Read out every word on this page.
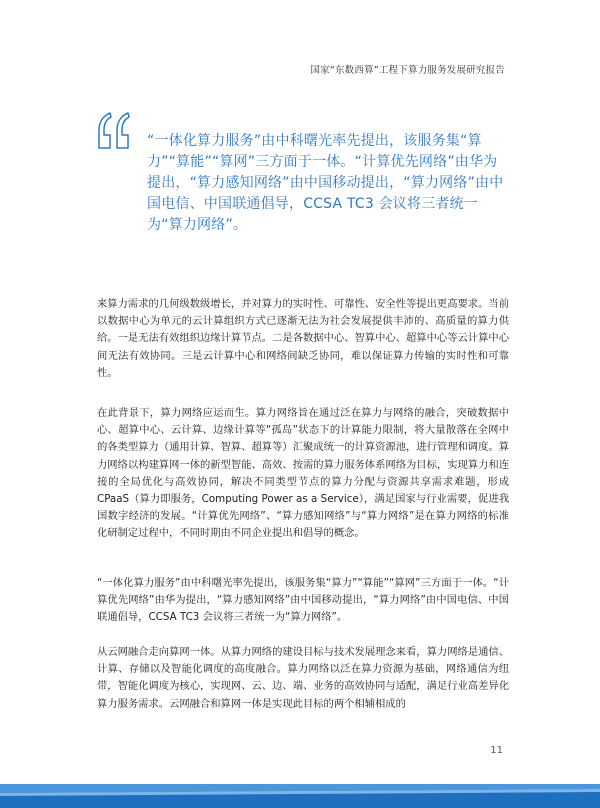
国家“东数西算”工程下算力服务发展研究报告

“一体化算力服务”由中科曙光率先提出，该服务集“算力”“算能”“算网”三方面于一体。“计算优先网络”由华为提出，“算力感知网络”由中国移动提出，“算力网络”由中国电信、中国联通倡导，CCSA TC3 会议将三者统一为“算力网络”。

来算力需求的几何级数级增长，并对算力的实时性、可靠性、安全性等提出更高要求。当前以数据中心为单元的云计算组织方式已逐渐无法为社会发展提供丰沛的、高质量的算力供给。一是无法有效组织边缘计算节点。二是各数据中心、智算中心、超算中心等云计算中心间无法有效协同。三是云计算中心和网络间缺乏协同，难以保证算力传输的实时性和可靠性。

在此背景下，算力网络应运而生。算力网络旨在通过泛在算力与网络的融合，突破数据中心、超算中心、云计算、边缘计算等“孤岛”状态下的计算能力限制，将大量散落在全网中的各类型算力（通用计算、智算、超算等）汇聚成统一的计算资源池，进行管理和调度。算力网络以构建算网一体的新型智能、高效、按需的算力服务体系网络为目标，实现算力和连接的全局优化与高效协同，解决不同类型节点的算力分配与资源共享需求难题，形成 CPaaS（算力即服务，Computing Power as a Service），满足国家与行业需要，促进我国数字经济的发展。“计算优先网络”、“算力感知网络”与“算力网络”是在算力网络的标准化研制定过程中，不同时期由不同企业提出和倡导的概念。

“一体化算力服务”由中科曙光率先提出，该服务集“算力”“算能”“算网”三方面于一体。“计算优先网络”由华为提出，“算力感知网络”由中国移动提出，“算力网络”由中国电信、中国联通倡导，CCSA TC3 会议将三者统一为“算力网络”。

从云网融合走向算网一体。从算力网络的建设目标与技术发展理念来看，算力网络是通信、计算、存储以及智能化调度的高度融合。算力网络以泛在算力资源为基础，网络通信为纽带，智能化调度为核心，实现网、云、边、端、业务的高效协同与适配，满足行业高差异化算力服务需求。云网融合和算网一体是实现此目标的两个相辅相成的

11
